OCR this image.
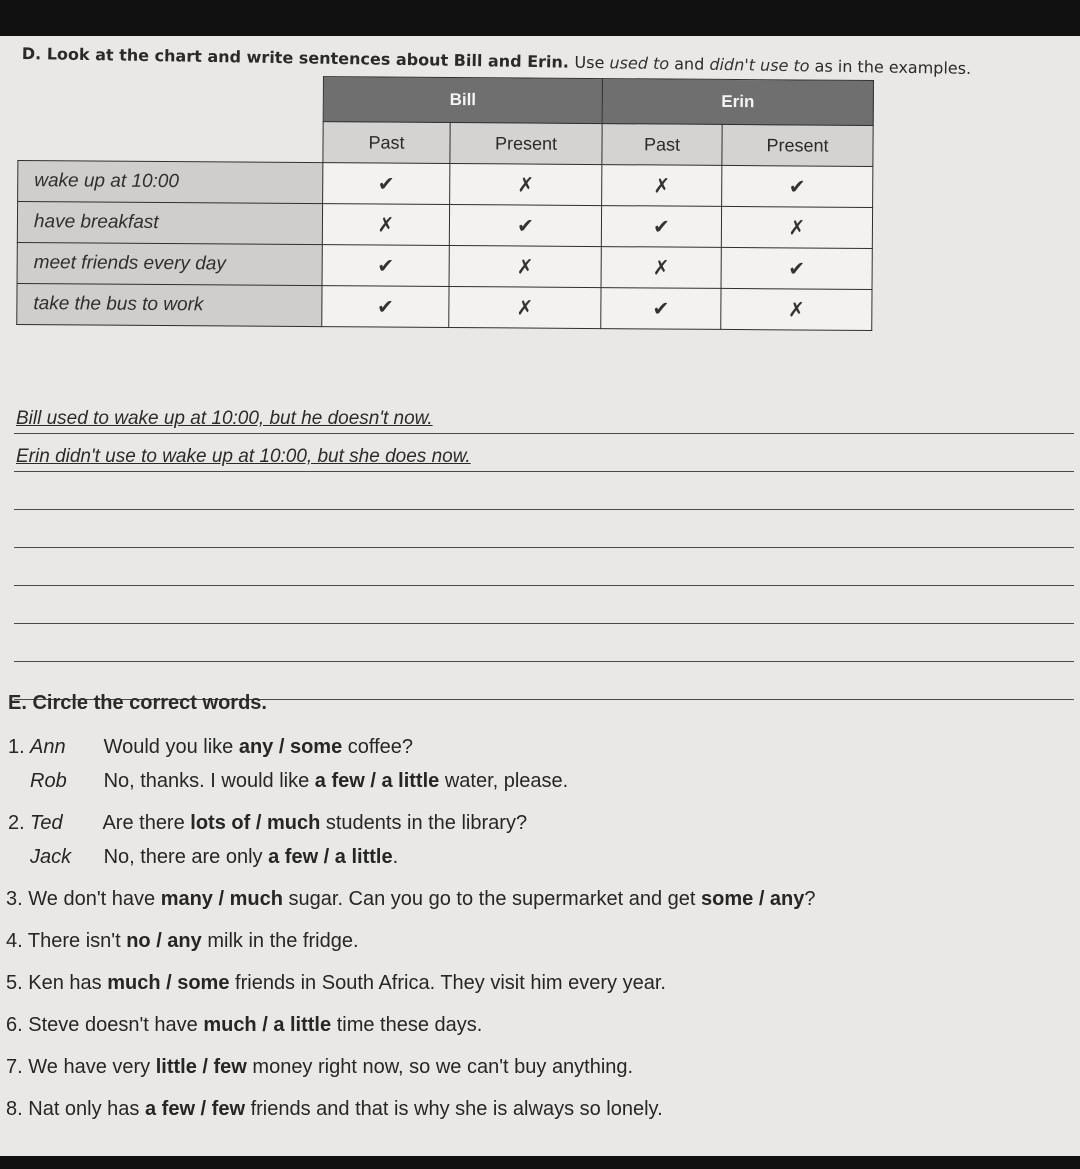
D. Look at the chart and write sentences about Bill and Erin. Use used to and didn't use to as in the examples.
	Bill		Erin	
	Past	Present	Past	Present
wake up at 10:00	✔	✗	✗	✔
have breakfast	✗	✔	✔	✗
meet friends every day	✔	✗	✗	✔
take the bus to work	✔	✗	✔	✗
Bill used to wake up at 10:00, but he doesn't now.
Erin didn't use to wake up at 10:00, but she does now.
E. Circle the correct words.
1. Ann Would you like any / some coffee?
Rob No, thanks. I would like a few / a little water, please.
2. Ted Are there lots of / much students in the library?
Jack No, there are only a few / a little.
3. We don't have many / much sugar. Can you go to the supermarket and get some / any?
4. There isn't no / any milk in the fridge.
5. Ken has much / some friends in South Africa. They visit him every year.
6. Steve doesn't have much / a little time these days.
7. We have very little / few money right now, so we can't buy anything.
8. Nat only has a few / few friends and that is why she is always so lonely.
